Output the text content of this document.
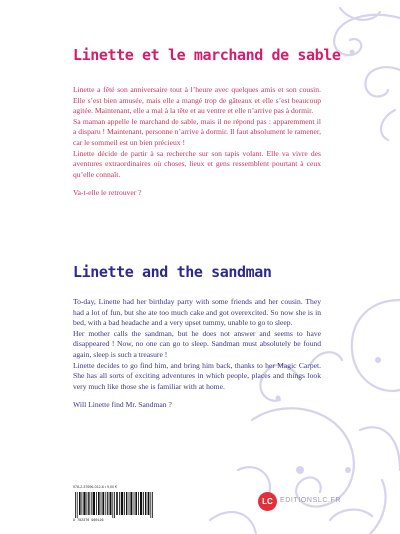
Linette et le marchand de sable

Linette a fêté son anniversaire tout à l’heure avec quelques amis et son cousin. Elle s’est bien amusée, mais elle a mangé trop de gâteaux et elle s’est beaucoup agitée. Maintenant, elle a mal à la tête et au ventre et elle n’arrive pas à dormir.

Sa maman appelle le marchand de sable, mais il ne répond pas : apparemment il a disparu ! Maintenant, personne n’arrive à dormir. Il faut absolument le ramener, car le sommeil est un bien précieux !

Linette décide de partir à sa recherche sur son tapis volant. Elle va vivre des aventures extraordinaires où choses, lieux et gens ressemblent pourtant à ceux qu’elle connaît.

Va-t-elle le retrouver ?

Linette and the sandman

To-day, Linette had her birthday party with some friends and her cousin. They had a lot of fun, but she ate too much cake and got overexcited. So now she is in bed, with a bad headache and a very upset tummy, unable to go to sleep.

Her mother calls the sandman, but he does not answer and seems to have disappeared ! Now, no one can go to sleep. Sandman must absolutely be found again, sleep is such a treasure !

Linette decides to go find him, and bring him back, thanks to her Magic Carpet. She has all sorts of exciting adventures in which people, places and things look very much like those she is familiar with at home.

Will Linette find Mr. Sandman ?

978-2-37696-012-6 • 9,00 €
9 782376 960126
LC	EDITIONSLC.FR
